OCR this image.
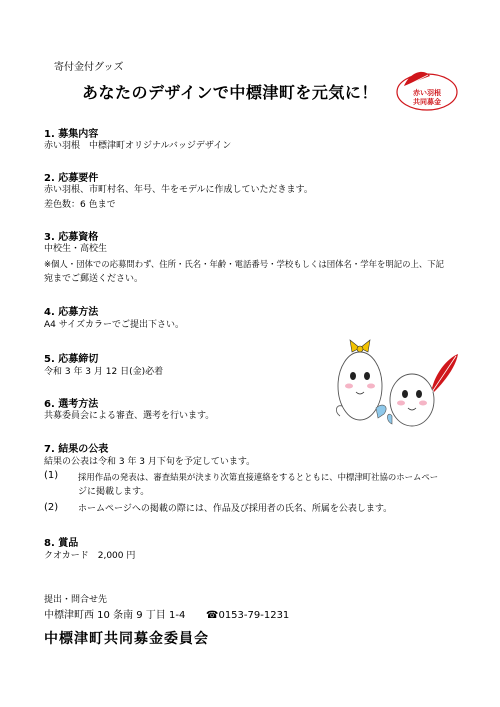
寄付金付グッズ
あなたのデザインで中標津町を元気に！	赤い羽根
共同募金
1. 募集内容
赤い羽根　中標津町オリジナルバッジデザイン
2. 応募要件
赤い羽根、市町村名、年号、牛をモデルに作成していただきます。
差色数：6 色まで
3. 応募資格
中校生・高校生
※個人・団体での応募問わず、住所・氏名・年齢・電話番号・学校もしくは団体名・学年を明記の上、下記
宛までご郵送ください。
4. 応募方法
A4 サイズカラーでご提出下さい。
5. 応募締切
令和 3 年 3 月 12 日(金)必着
6. 選考方法
共募委員会による審査、選考を行います。
7. 結果の公表
結果の公表は令和 3 年 3 月下旬を予定しています。
(1) 採用作品の発表は、審査結果が決まり次第直接連絡をするとともに、中標津町社協のホームペー
ジに掲載します。
(2) ホームページへの掲載の際には、作品及び採用者の氏名、所属を公表します。
8. 賞品
クオカード　2,000 円
提出・問合せ先
中標津町西 10 条南 9 丁目 1-4 ☎0153-79-1231
中標津町共同募金委員会
